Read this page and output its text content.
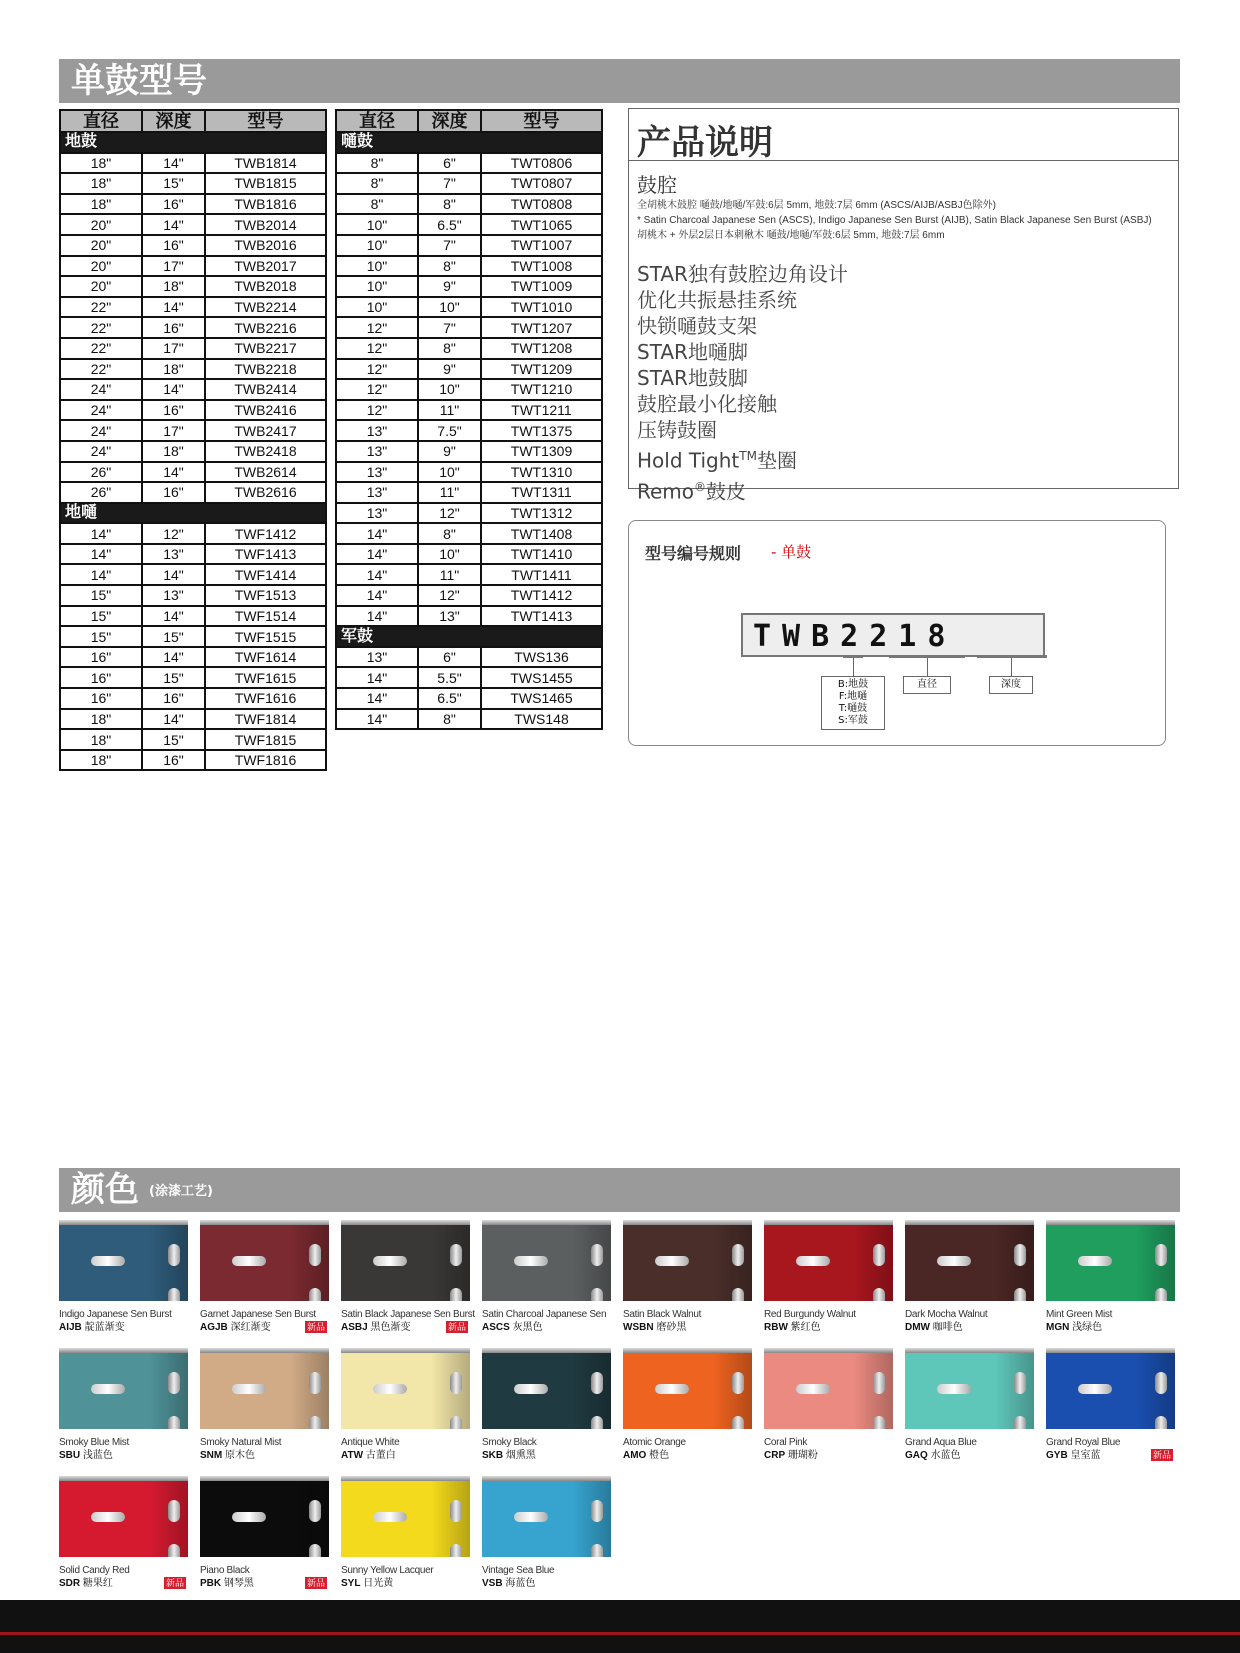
单鼓型号
直径	深度	型号
地鼓		
18"	14"	TWB1814
18"	15"	TWB1815
18"	16"	TWB1816
20"	14"	TWB2014
20"	16"	TWB2016
20"	17"	TWB2017
20"	18"	TWB2018
22"	14"	TWB2214
22"	16"	TWB2216
22"	17"	TWB2217
22"	18"	TWB2218
24"	14"	TWB2414
24"	16"	TWB2416
24"	17"	TWB2417
24"	18"	TWB2418
26"	14"	TWB2614
26"	16"	TWB2616
地嗵		
14"	12"	TWF1412
14"	13"	TWF1413
14"	14"	TWF1414
15"	13"	TWF1513
15"	14"	TWF1514
15"	15"	TWF1515
16"	14"	TWF1614
16"	15"	TWF1615
16"	16"	TWF1616
18"	14"	TWF1814
18"	15"	TWF1815
18"	16"	TWF1816
直径	深度	型号
嗵鼓		
8"	6"	TWT0806
8"	7"	TWT0807
8"	8"	TWT0808
10"	6.5"	TWT1065
10"	7"	TWT1007
10"	8"	TWT1008
10"	9"	TWT1009
10"	10"	TWT1010
12"	7"	TWT1207
12"	8"	TWT1208
12"	9"	TWT1209
12"	10"	TWT1210
12"	11"	TWT1211
13"	7.5"	TWT1375
13"	9"	TWT1309
13"	10"	TWT1310
13"	11"	TWT1311
13"	12"	TWT1312
14"	8"	TWT1408
14"	10"	TWT1410
14"	11"	TWT1411
14"	12"	TWT1412
14"	13"	TWT1413
军鼓		
13"	6"	TWS136
14"	5.5"	TWS1455
14"	6.5"	TWS1465
14"	8"	TWS148
产品说明
鼓腔
全胡桃木鼓腔 嗵鼓/地嗵/军鼓:6层 5mm, 地鼓:7层 6mm (ASCS/AIJB/ASBJ色除外)
* Satin Charcoal Japanese Sen (ASCS), Indigo Japanese Sen Burst (AIJB), Satin Black Japanese Sen Burst (ASBJ)
胡桃木 + 外层2层日本刺楸木 嗵鼓/地嗵/军鼓:6层 5mm, 地鼓:7层 6mm
STAR独有鼓腔边角设计
优化共振悬挂系统
快锁嗵鼓支架
STAR地嗵脚
STAR地鼓脚
鼓腔最小化接触
压铸鼓圈
Hold Tight™垫圈
Remo®鼓皮
型号编号规则 - 单鼓
TWB2218
B:地鼓
F:地嗵
T:嗵鼓
S:军鼓
直径	深度
颜色 (涂漆工艺)
Indigo Japanese Sen Burst
AIJB 靛蓝渐变
Garnet Japanese Sen Burst
AGJB 深红渐变	新品
Satin Black Japanese Sen Burst
ASBJ 黑色渐变	新品
Satin Charcoal Japanese Sen
ASCS 灰黑色
Satin Black Walnut
WSBN 磨砂黑
Red Burgundy Walnut
RBW 紫红色
Dark Mocha Walnut
DMW 咖啡色
Mint Green Mist
MGN 浅绿色
Smoky Blue Mist
SBU 浅蓝色
Smoky Natural Mist
SNM 原木色
Antique White
ATW 古董白
Smoky Black
SKB 烟熏黑
Atomic Orange
AMO 橙色
Coral Pink
CRP 珊瑚粉
Grand Aqua Blue
GAQ 水蓝色
Grand Royal Blue
GYB 皇室蓝	新品
Solid Candy Red
SDR 糖果红	新品
Piano Black
PBK 钢琴黑	新品
Sunny Yellow Lacquer
SYL 日光黄
Vintage Sea Blue
VSB 海蓝色
